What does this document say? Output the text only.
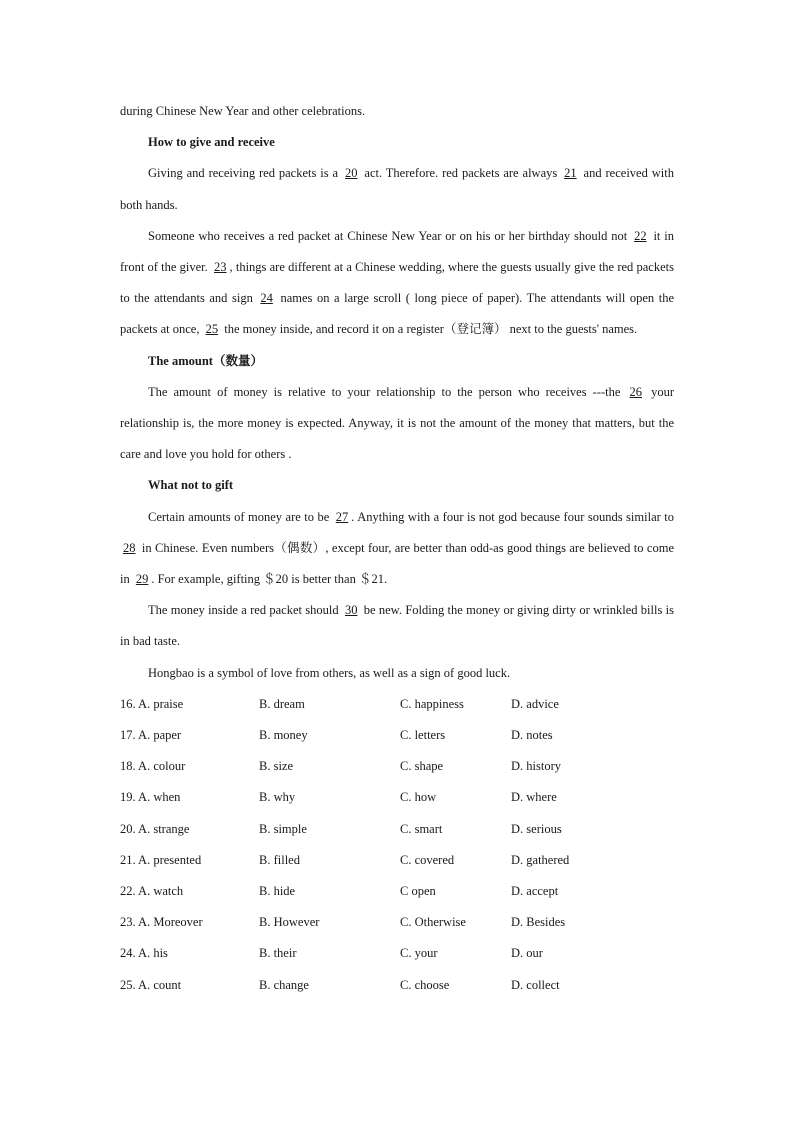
during Chinese New Year and other celebrations.

How to give and receive

Giving and receiving red packets is a 20 act. Therefore. red packets are always 21 and received with both hands.

Someone who receives a red packet at Chinese New Year or on his or her birthday should not 22 it in front of the giver. 23 , things are different at a Chinese wedding, where the guests usually give the red packets to the attendants and sign 24 names on a large scroll ( long piece of paper). The attendants will open the packets at once, 25 the money inside, and record it on a register（登记簿） next to the guests' names.

The amount（数量）

The amount of money is relative to your relationship to the person who receives ---the 26 your relationship is, the more money is expected. Anyway, it is not the amount of the money that matters, but the care and love you hold for others .

What not to gift

Certain amounts of money are to be 27 . Anything with a four is not god because four sounds similar to 28 in Chinese. Even numbers（偶数）, except four, are better than odd-as good things are believed to come in 29 . For example, gifting ＄20 is better than ＄21.

The money inside a red packet should 30 be new. Folding the money or giving dirty or wrinkled bills is in bad taste.

Hongbao is a symbol of love from others, as well as a sign of good luck.

16. A. praise	B. dream	C. happiness	D. advice
17. A. paper	B. money	C. letters	D. notes
18. A. colour	B. size	C. shape	D. history
19. A. when	B. why	C. how	D. where
20. A. strange	B. simple	C. smart	D. serious
21. A. presented	B. filled	C. covered	D. gathered
22. A. watch	B. hide	C open	D. accept
23. A. Moreover	B. However	C. Otherwise	D. Besides
24. A. his	B. their	C. your	D. our
25. A. count	B. change	C. choose	D. collect
